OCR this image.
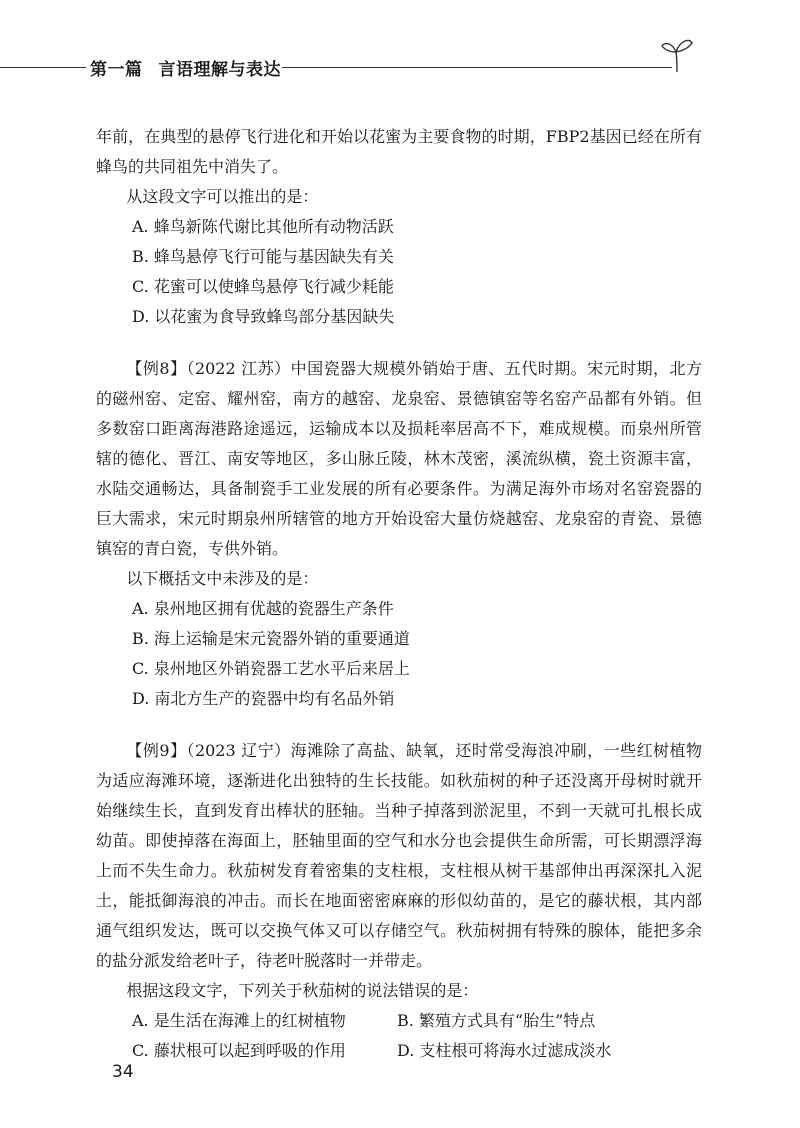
第一篇 言语理解与表达

年前，在典型的悬停飞行进化和开始以花蜜为主要食物的时期，FBP2基因已经在所有蜂鸟的共同祖先中消失了。

从这段文字可以推出的是：

A. 蜂鸟新陈代谢比其他所有动物活跃

B. 蜂鸟悬停飞行可能与基因缺失有关

C. 花蜜可以使蜂鸟悬停飞行减少耗能

D. 以花蜜为食导致蜂鸟部分基因缺失

【例8】（2022 江苏）中国瓷器大规模外销始于唐、五代时期。宋元时期，北方的磁州窑、定窑、耀州窑，南方的越窑、龙泉窑、景德镇窑等名窑产品都有外销。但多数窑口距离海港路途遥远，运输成本以及损耗率居高不下，难成规模。而泉州所管辖的德化、晋江、南安等地区，多山脉丘陵，林木茂密，溪流纵横，瓷土资源丰富，水陆交通畅达，具备制瓷手工业发展的所有必要条件。为满足海外市场对名窑瓷器的巨大需求，宋元时期泉州所辖管的地方开始设窑大量仿烧越窑、龙泉窑的青瓷、景德镇窑的青白瓷，专供外销。

以下概括文中未涉及的是：

A. 泉州地区拥有优越的瓷器生产条件

B. 海上运输是宋元瓷器外销的重要通道

C. 泉州地区外销瓷器工艺水平后来居上

D. 南北方生产的瓷器中均有名品外销

【例9】（2023 辽宁）海滩除了高盐、缺氧，还时常受海浪冲刷，一些红树植物为适应海滩环境，逐渐进化出独特的生长技能。如秋茄树的种子还没离开母树时就开始继续生长，直到发育出棒状的胚轴。当种子掉落到淤泥里，不到一天就可扎根长成幼苗。即使掉落在海面上，胚轴里面的空气和水分也会提供生命所需，可长期漂浮海上而不失生命力。秋茄树发育着密集的支柱根，支柱根从树干基部伸出再深深扎入泥土，能抵御海浪的冲击。而长在地面密密麻麻的形似幼苗的，是它的藤状根，其内部通气组织发达，既可以交换气体又可以存储空气。秋茄树拥有特殊的腺体，能把多余的盐分派发给老叶子，待老叶脱落时一并带走。

根据这段文字，下列关于秋茄树的说法错误的是：

A. 是生活在海滩上的红树植物	B. 繁殖方式具有“胎生”特点
C. 藤状根可以起到呼吸的作用	D. 支柱根可将海水过滤成淡水
34
